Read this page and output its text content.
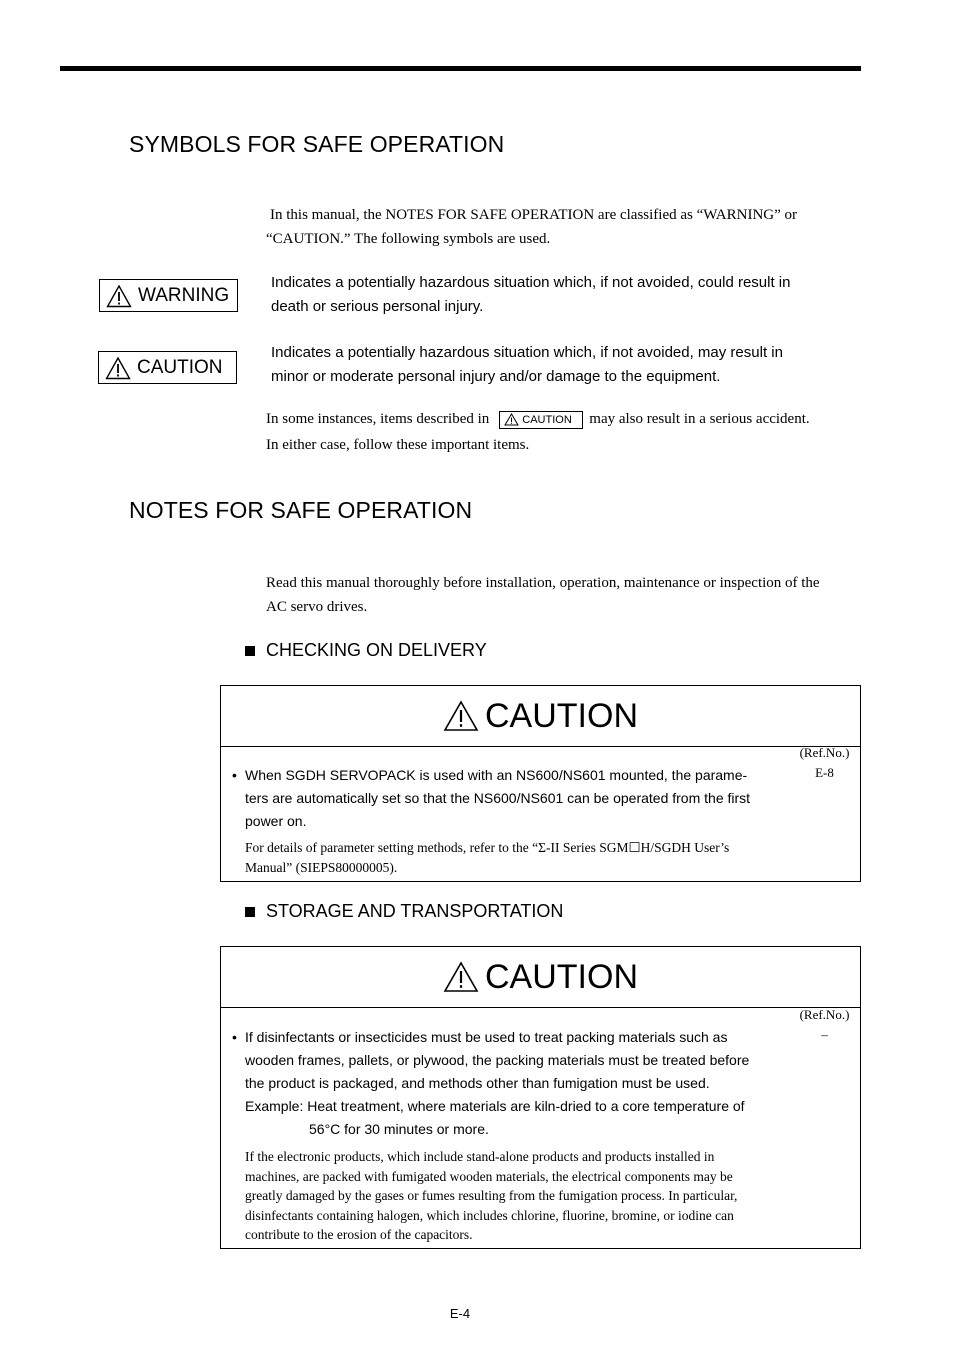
SYMBOLS FOR SAFE OPERATION
In this manual, the NOTES FOR SAFE OPERATION are classified as “WARNING” or
“CAUTION.” The following symbols are used.
WARNING
Indicates a potentially hazardous situation which, if not avoided, could result in
death or serious personal injury.
CAUTION
Indicates a potentially hazardous situation which, if not avoided, may result in
minor or moderate personal injury and/or damage to the equipment.
In some instances, items described in	CAUTION may also result in a serious accident.
In either case, follow these important items.
NOTES FOR SAFE OPERATION
Read this manual thoroughly before installation, operation, maintenance or inspection of the
AC servo drives.
CHECKING ON DELIVERY
CAUTION
(Ref.No.)
E-8
• When SGDH SERVOPACK is used with an NS600/NS601 mounted, the parame-
ters are automatically set so that the NS600/NS601 can be operated from the first
power on.
For details of parameter setting methods, refer to the “Σ-II Series SGM☐H/SGDH User’s
Manual” (SIEPS80000005).
STORAGE AND TRANSPORTATION
CAUTION
(Ref.No.)
–
• If disinfectants or insecticides must be used to treat packing materials such as
wooden frames, pallets, or plywood, the packing materials must be treated before
the product is packaged, and methods other than fumigation must be used.
Example: Heat treatment, where materials are kiln-dried to a core temperature of
56°C for 30 minutes or more.
If the electronic products, which include stand-alone products and products installed in
machines, are packed with fumigated wooden materials, the electrical components may be
greatly damaged by the gases or fumes resulting from the fumigation process. In particular,
disinfectants containing halogen, which includes chlorine, fluorine, bromine, or iodine can
contribute to the erosion of the capacitors.
E-4
